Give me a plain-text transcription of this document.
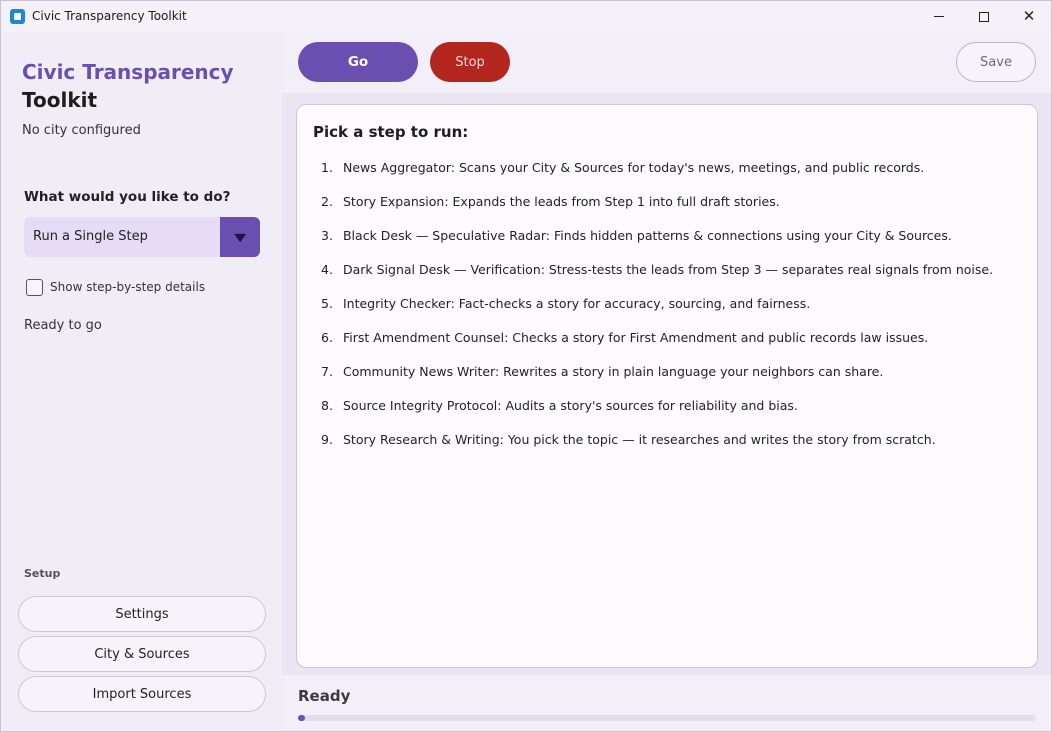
Civic Transparency Toolkit	✕
Civic Transparency
Toolkit
No city configured
What would you like to do?
Run a Single Step	▼
Show step-by-step details
Ready to go
Setup
Settings
City & Sources
Import Sources
Go	Stop	Save
Pick a step to run:
1. News Aggregator: Scans your City & Sources for today's news, meetings, and public records.
2. Story Expansion: Expands the leads from Step 1 into full draft stories.
3. Black Desk — Speculative Radar: Finds hidden patterns & connections using your City & Sources.
4. Dark Signal Desk — Verification: Stress-tests the leads from Step 3 — separates real signals from noise.
5. Integrity Checker: Fact-checks a story for accuracy, sourcing, and fairness.
6. First Amendment Counsel: Checks a story for First Amendment and public records law issues.
7. Community News Writer: Rewrites a story in plain language your neighbors can share.
8. Source Integrity Protocol: Audits a story's sources for reliability and bias.
9. Story Research & Writing: You pick the topic — it researches and writes the story from scratch.
Ready
